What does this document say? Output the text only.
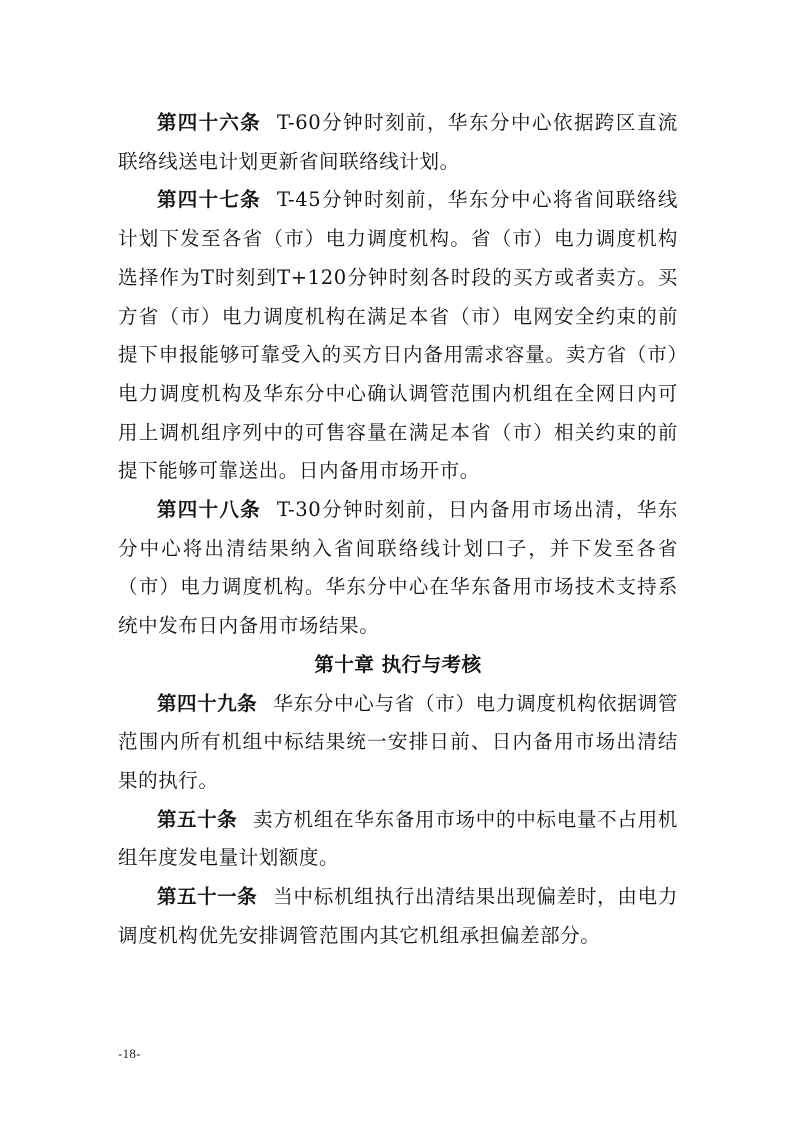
第四十六条 T-60分钟时刻前，华东分中心依据跨区直流联络线送电计划更新省间联络线计划。

第四十七条 T-45分钟时刻前，华东分中心将省间联络线计划下发至各省（市）电力调度机构。省（市）电力调度机构选择作为T时刻到T+120分钟时刻各时段的买方或者卖方。买方省（市）电力调度机构在满足本省（市）电网安全约束的前提下申报能够可靠受入的买方日内备用需求容量。卖方省（市）电力调度机构及华东分中心确认调管范围内机组在全网日内可用上调机组序列中的可售容量在满足本省（市）相关约束的前提下能够可靠送出。日内备用市场开市。

第四十八条 T-30分钟时刻前，日内备用市场出清，华东分中心将出清结果纳入省间联络线计划口子，并下发至各省（市）电力调度机构。华东分中心在华东备用市场技术支持系统中发布日内备用市场结果。

第十章 执行与考核

第四十九条 华东分中心与省（市）电力调度机构依据调管范围内所有机组中标结果统一安排日前、日内备用市场出清结果的执行。

第五十条 卖方机组在华东备用市场中的中标电量不占用机组年度发电量计划额度。

第五十一条 当中标机组执行出清结果出现偏差时，由电力调度机构优先安排调管范围内其它机组承担偏差部分。

-18-
